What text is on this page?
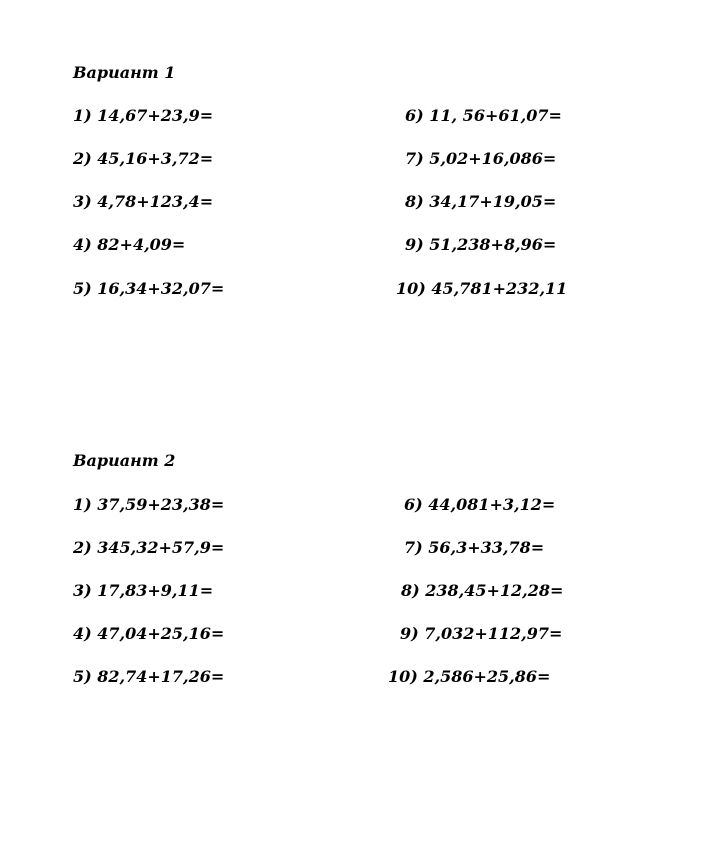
Вариант 1
1) 14,67+23,9=
2) 45,16+3,72=
3) 4,78+123,4=
4) 82+4,09=
5) 16,34+32,07=
6) 11, 56+61,07=
7) 5,02+16,086=
8) 34,17+19,05=
9) 51,238+8,96=
10) 45,781+232,11
Вариант 2
1) 37,59+23,38=
2) 345,32+57,9=
3) 17,83+9,11=
4) 47,04+25,16=
5) 82,74+17,26=
6) 44,081+3,12=
7) 56,3+33,78=
8) 238,45+12,28=
9) 7,032+112,97=
10) 2,586+25,86=
